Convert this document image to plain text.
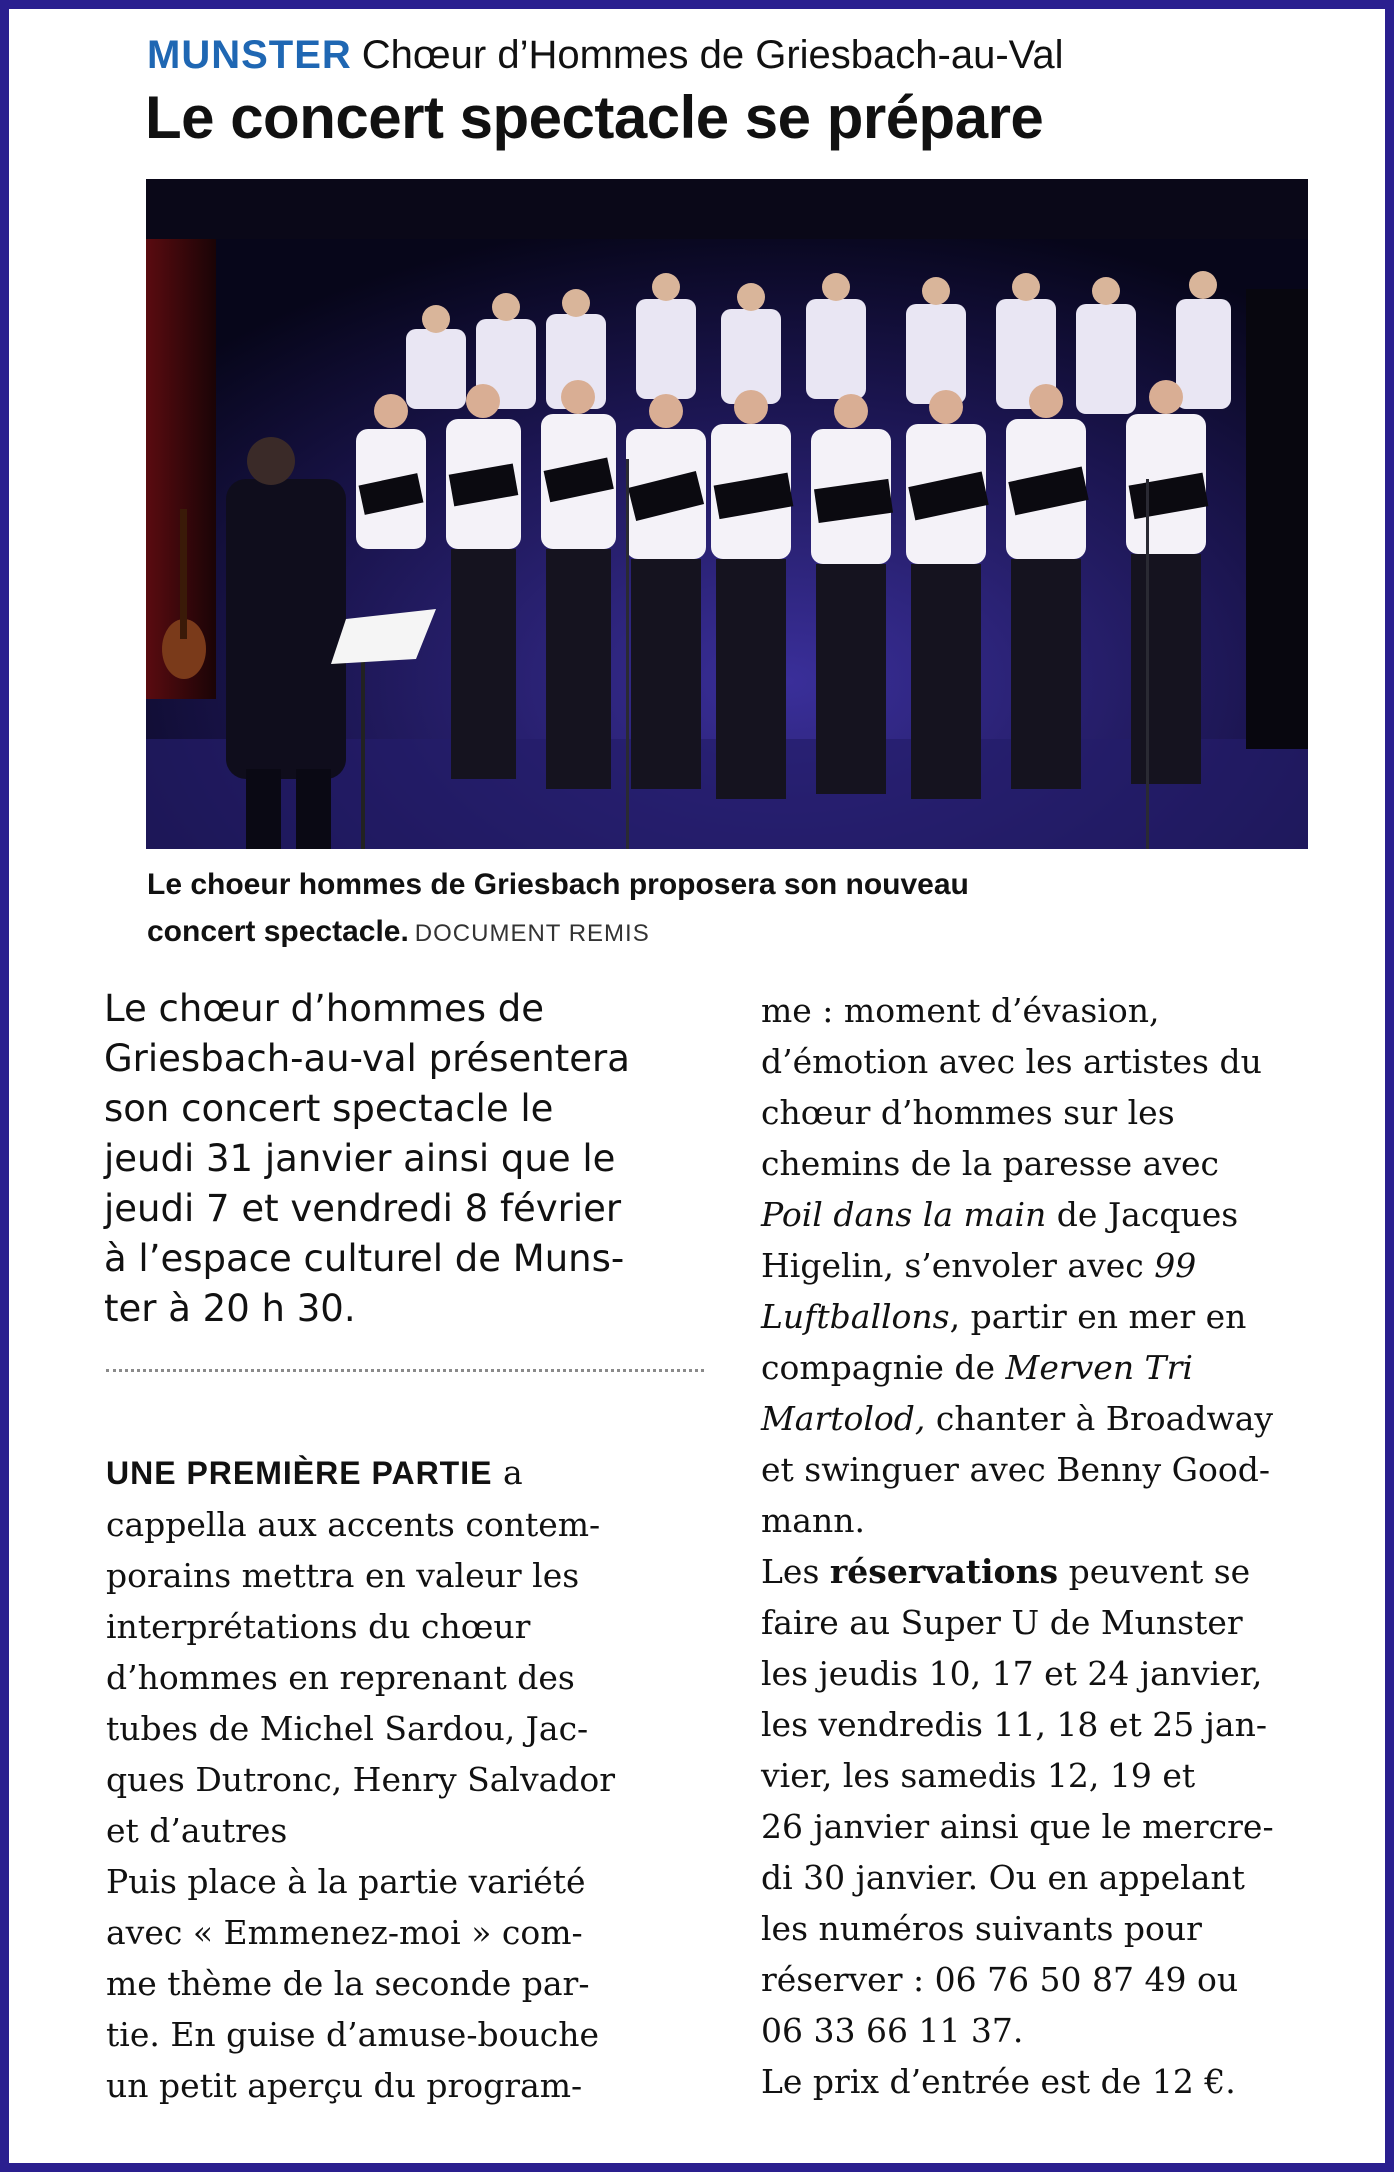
MUNSTER Chœur d’Hommes de Griesbach-au-Val
Le concert spectacle se prépare

Le choeur hommes de Griesbach proposera son nouveau
concert spectacle. DOCUMENT REMIS

Le chœur d’hommes de
Griesbach-au-val présentera
son concert spectacle le
jeudi 31 janvier ainsi que le
jeudi 7 et vendredi 8 février
à l’espace culturel de Muns-
ter à 20 h 30.
UNE PREMIÈRE PARTIE a
cappella aux accents contem-
porains mettra en valeur les
interprétations du chœur
d’hommes en reprenant des
tubes de Michel Sardou, Jac-
ques Dutronc, Henry Salvador
et d’autres
Puis place à la partie variété
avec « Emmenez-moi » com-
me thème de la seconde par-
tie. En guise d’amuse-bouche
un petit aperçu du program-
me : moment d’évasion,
d’émotion avec les artistes du
chœur d’hommes sur les
chemins de la paresse avec
Poil dans la main de Jacques
Higelin, s’envoler avec 99
Luftballons, partir en mer en
compagnie de Merven Tri
Martolod, chanter à Broadway
et swinguer avec Benny Good-
mann.
Les réservations peuvent se
faire au Super U de Munster
les jeudis 10, 17 et 24 janvier,
les vendredis 11, 18 et 25 jan-
vier, les samedis 12, 19 et
26 janvier ainsi que le mercre-
di 30 janvier. Ou en appelant
les numéros suivants pour
réserver : 06 76 50 87 49 ou
06 33 66 11 37.
Le prix d’entrée est de 12 €.
